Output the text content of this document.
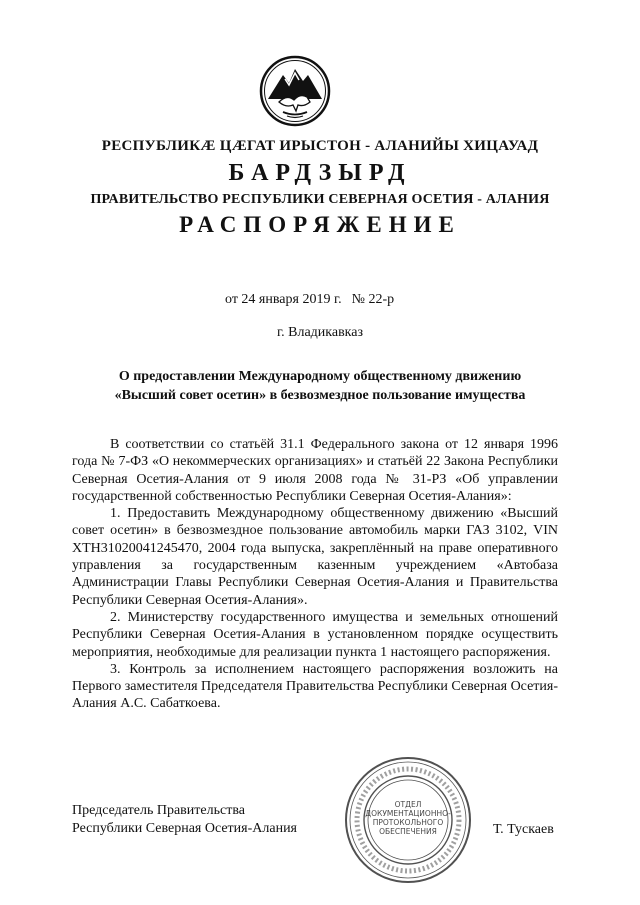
РЕСПУБЛИКÆ ЦÆГАТ ИРЫСТОН - АЛАНИЙЫ ХИЦАУАД
БАРДЗЫРД
ПРАВИТЕЛЬСТВО РЕСПУБЛИКИ СЕВЕРНАЯ ОСЕТИЯ - АЛАНИЯ
РАСПОРЯЖЕНИЕ
от 24 января 2019 г. № 22-р
г. Владикавказ
О предоставлении Международному общественному движению
«Высший совет осетин» в безвозмездное пользование имущества

В соответствии со статьёй 31.1 Федерального закона от 12 января 1996 года № 7-ФЗ «О некоммерческих организациях» и статьёй 22 Закона Республики Северная Осетия-Алания от 9 июля 2008 года № 31-РЗ «Об управлении государственной собственностью Республики Северная Осетия-Алания»:

1. Предоставить Международному общественному движению «Высший совет осетин» в безвозмездное пользование автомобиль марки ГАЗ 3102, VIN XTH31020041245470, 2004 года выпуска, закреплённый на праве оперативного управления за государственным казенным учреждением «Автобаза Администрации Главы Республики Северная Осетия-Алания и Правительства Республики Северная Осетия-Алания».

2. Министерству государственного имущества и земельных отношений Республики Северная Осетия-Алания в установленном порядке осуществить мероприятия, необходимые для реализации пункта 1 настоящего распоряжения.

3. Контроль за исполнением настоящего распоряжения возложить на Первого заместителя Председателя Правительства Республики Северная Осетия-Алания А.С. Сабаткоева.

Председатель Правительства
Республики Северная Осетия-Алания	Т. Тускаев
ОТДЕЛ
ДОКУМЕНТАЦИОННО-
ПРОТОКОЛЬНОГО
ОБЕСПЕЧЕНИЯ
